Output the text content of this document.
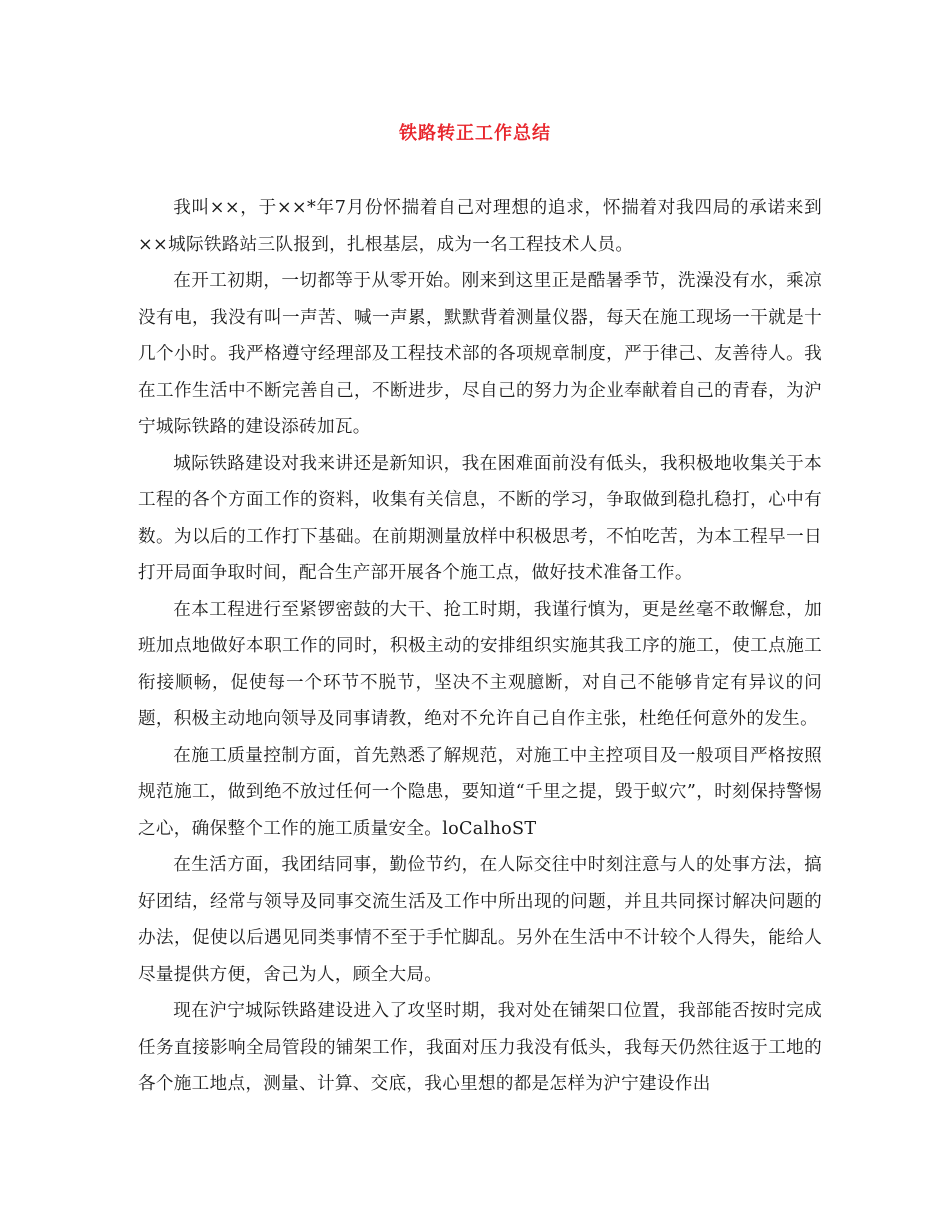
铁路转正工作总结

我叫××，于××*年7月份怀揣着自己对理想的追求，怀揣着对我四局的承诺来到××城际铁路站三队报到，扎根基层，成为一名工程技术人员。

在开工初期，一切都等于从零开始。刚来到这里正是酷暑季节，洗澡没有水，乘凉没有电，我没有叫一声苦、喊一声累，默默背着测量仪器，每天在施工现场一干就是十几个小时。我严格遵守经理部及工程技术部的各项规章制度，严于律己、友善待人。我在工作生活中不断完善自己，不断进步，尽自己的努力为企业奉献着自己的青春，为沪宁城际铁路的建设添砖加瓦。

城际铁路建设对我来讲还是新知识，我在困难面前没有低头，我积极地收集关于本工程的各个方面工作的资料，收集有关信息，不断的学习，争取做到稳扎稳打，心中有数。为以后的工作打下基础。在前期测量放样中积极思考，不怕吃苦，为本工程早一日打开局面争取时间，配合生产部开展各个施工点，做好技术准备工作。

在本工程进行至紧锣密鼓的大干、抢工时期，我谨行慎为，更是丝毫不敢懈怠，加班加点地做好本职工作的同时，积极主动的安排组织实施其我工序的施工，使工点施工衔接顺畅，促使每一个环节不脱节，坚决不主观臆断，对自己不能够肯定有异议的问题，积极主动地向领导及同事请教，绝对不允许自己自作主张，杜绝任何意外的发生。

在施工质量控制方面，首先熟悉了解规范，对施工中主控项目及一般项目严格按照规范施工，做到绝不放过任何一个隐患，要知道“千里之提，毁于蚁穴”，时刻保持警惕之心，确保整个工作的施工质量安全。loCalhoST

在生活方面，我团结同事，勤俭节约，在人际交往中时刻注意与人的处事方法，搞好团结，经常与领导及同事交流生活及工作中所出现的问题，并且共同探讨解决问题的办法，促使以后遇见同类事情不至于手忙脚乱。另外在生活中不计较个人得失，能给人尽量提供方便，舍己为人，顾全大局。

现在沪宁城际铁路建设进入了攻坚时期，我对处在铺架口位置，我部能否按时完成任务直接影响全局管段的铺架工作，我面对压力我没有低头，我每天仍然往返于工地的各个施工地点，测量、计算、交底，我心里想的都是怎样为沪宁建设作出
